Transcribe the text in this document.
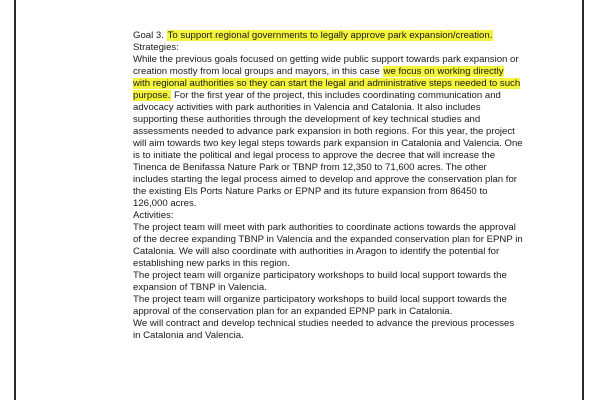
Goal 3. To support regional governments to legally approve park expansion/creation.

Strategies:

While the previous goals focused on getting wide public support towards park expansion or creation mostly from local groups and mayors, in this case we focus on working directly with regional authorities so they can start the legal and administrative steps needed to such purpose. For the first year of the project, this includes coordinating communication and advocacy activities with park authorities in Valencia and Catalonia. It also includes supporting these authorities through the development of key technical studies and assessments needed to advance park expansion in both regions. For this year, the project will aim towards two key legal steps towards park expansion in Catalonia and Valencia. One is to initiate the political and legal process to approve the decree that will increase the Tinenca de Benifassa Nature Park or TBNP from 12,350 to 71,600 acres. The other includes starting the legal process aimed to develop and approve the conservation plan for the existing Els Ports Nature Parks or EPNP and its future expansion from 86450 to 126,000 acres.

Activities:

The project team will meet with park authorities to coordinate actions towards the approval of the decree expanding TBNP in Valencia and the expanded conservation plan for EPNP in Catalonia. We will also coordinate with authorities in Aragon to identify the potential for establishing new parks in this region.

The project team will organize participatory workshops to build local support towards the expansion of TBNP in Valencia.

The project team will organize participatory workshops to build local support towards the approval of the conservation plan for an expanded EPNP park in Catalonia.

We will contract and develop technical studies needed to advance the previous processes in Catalonia and Valencia.
